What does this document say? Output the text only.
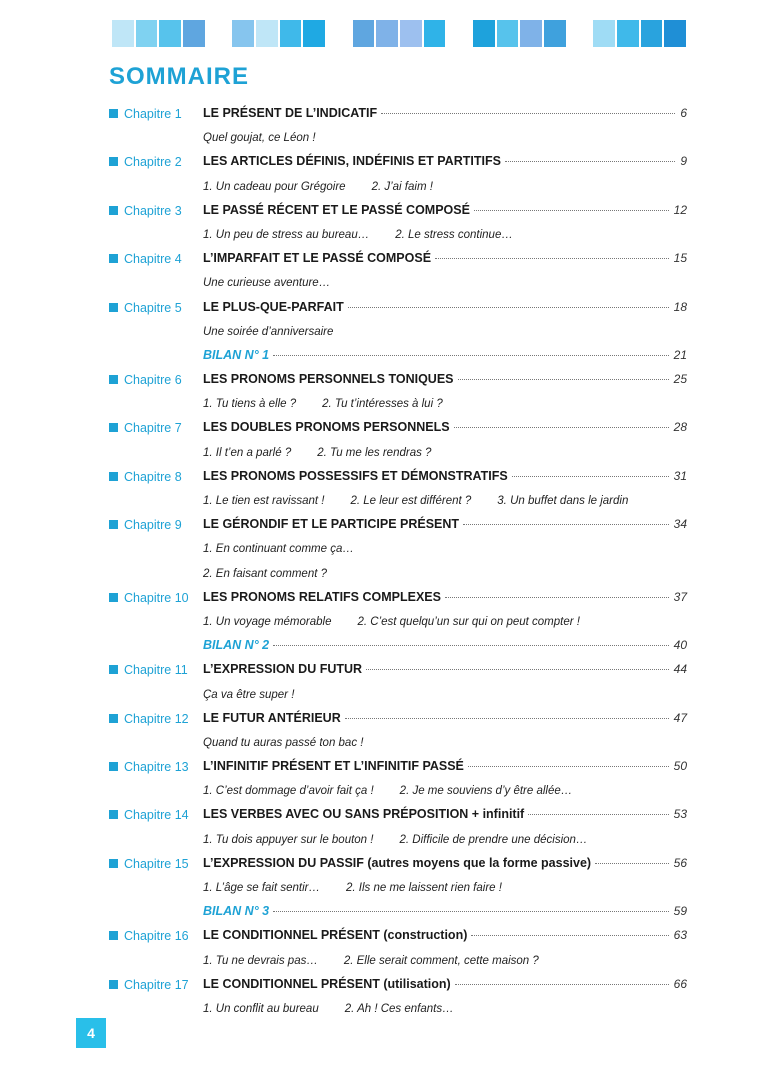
SOMMAIRE
Chapitre 1 LE PRÉSENT DE L’INDICATIF	6
Quel goujat, ce Léon !
Chapitre 2 LES ARTICLES DÉFINIS, INDÉFINIS ET PARTITIFS	9
1. Un cadeau pour Grégoire 2. J’ai faim !
Chapitre 3 LE PASSÉ RÉCENT ET LE PASSÉ COMPOSÉ	12
1. Un peu de stress au bureau… 2. Le stress continue…
Chapitre 4 L’IMPARFAIT ET LE PASSÉ COMPOSÉ	15
Une curieuse aventure…
Chapitre 5 LE PLUS-QUE-PARFAIT	18
Une soirée d’anniversaire
BILAN N° 1	21
Chapitre 6 LES PRONOMS PERSONNELS TONIQUES	25
1. Tu tiens à elle ? 2. Tu t’intéresses à lui ?
Chapitre 7 LES DOUBLES PRONOMS PERSONNELS	28
1. Il t’en a parlé ? 2. Tu me les rendras ?
Chapitre 8 LES PRONOMS POSSESSIFS ET DÉMONSTRATIFS	31
1. Le tien est ravissant ! 2. Le leur est différent ? 3. Un buffet dans le jardin
Chapitre 9 LE GÉRONDIF ET LE PARTICIPE PRÉSENT	34
1. En continuant comme ça…
2. En faisant comment ?
Chapitre 10 LES PRONOMS RELATIFS COMPLEXES	37
1. Un voyage mémorable 2. C’est quelqu’un sur qui on peut compter !
BILAN N° 2	40
Chapitre 11 L’EXPRESSION DU FUTUR	44
Ça va être super !
Chapitre 12 LE FUTUR ANTÉRIEUR	47
Quand tu auras passé ton bac !
Chapitre 13 L’INFINITIF PRÉSENT ET L’INFINITIF PASSÉ	50
1. C’est dommage d’avoir fait ça ! 2. Je me souviens d’y être allée…
Chapitre 14 LES VERBES AVEC OU SANS PRÉPOSITION + infinitif	53
1. Tu dois appuyer sur le bouton ! 2. Difficile de prendre une décision…
Chapitre 15 L’EXPRESSION DU PASSIF (autres moyens que la forme passive)	56
1. L’âge se fait sentir… 2. Ils ne me laissent rien faire !
BILAN N° 3	59
Chapitre 16 LE CONDITIONNEL PRÉSENT (construction)	63
1. Tu ne devrais pas… 2. Elle serait comment, cette maison ?
Chapitre 17 LE CONDITIONNEL PRÉSENT (utilisation)	66
1. Un conflit au bureau 2. Ah ! Ces enfants…
4
